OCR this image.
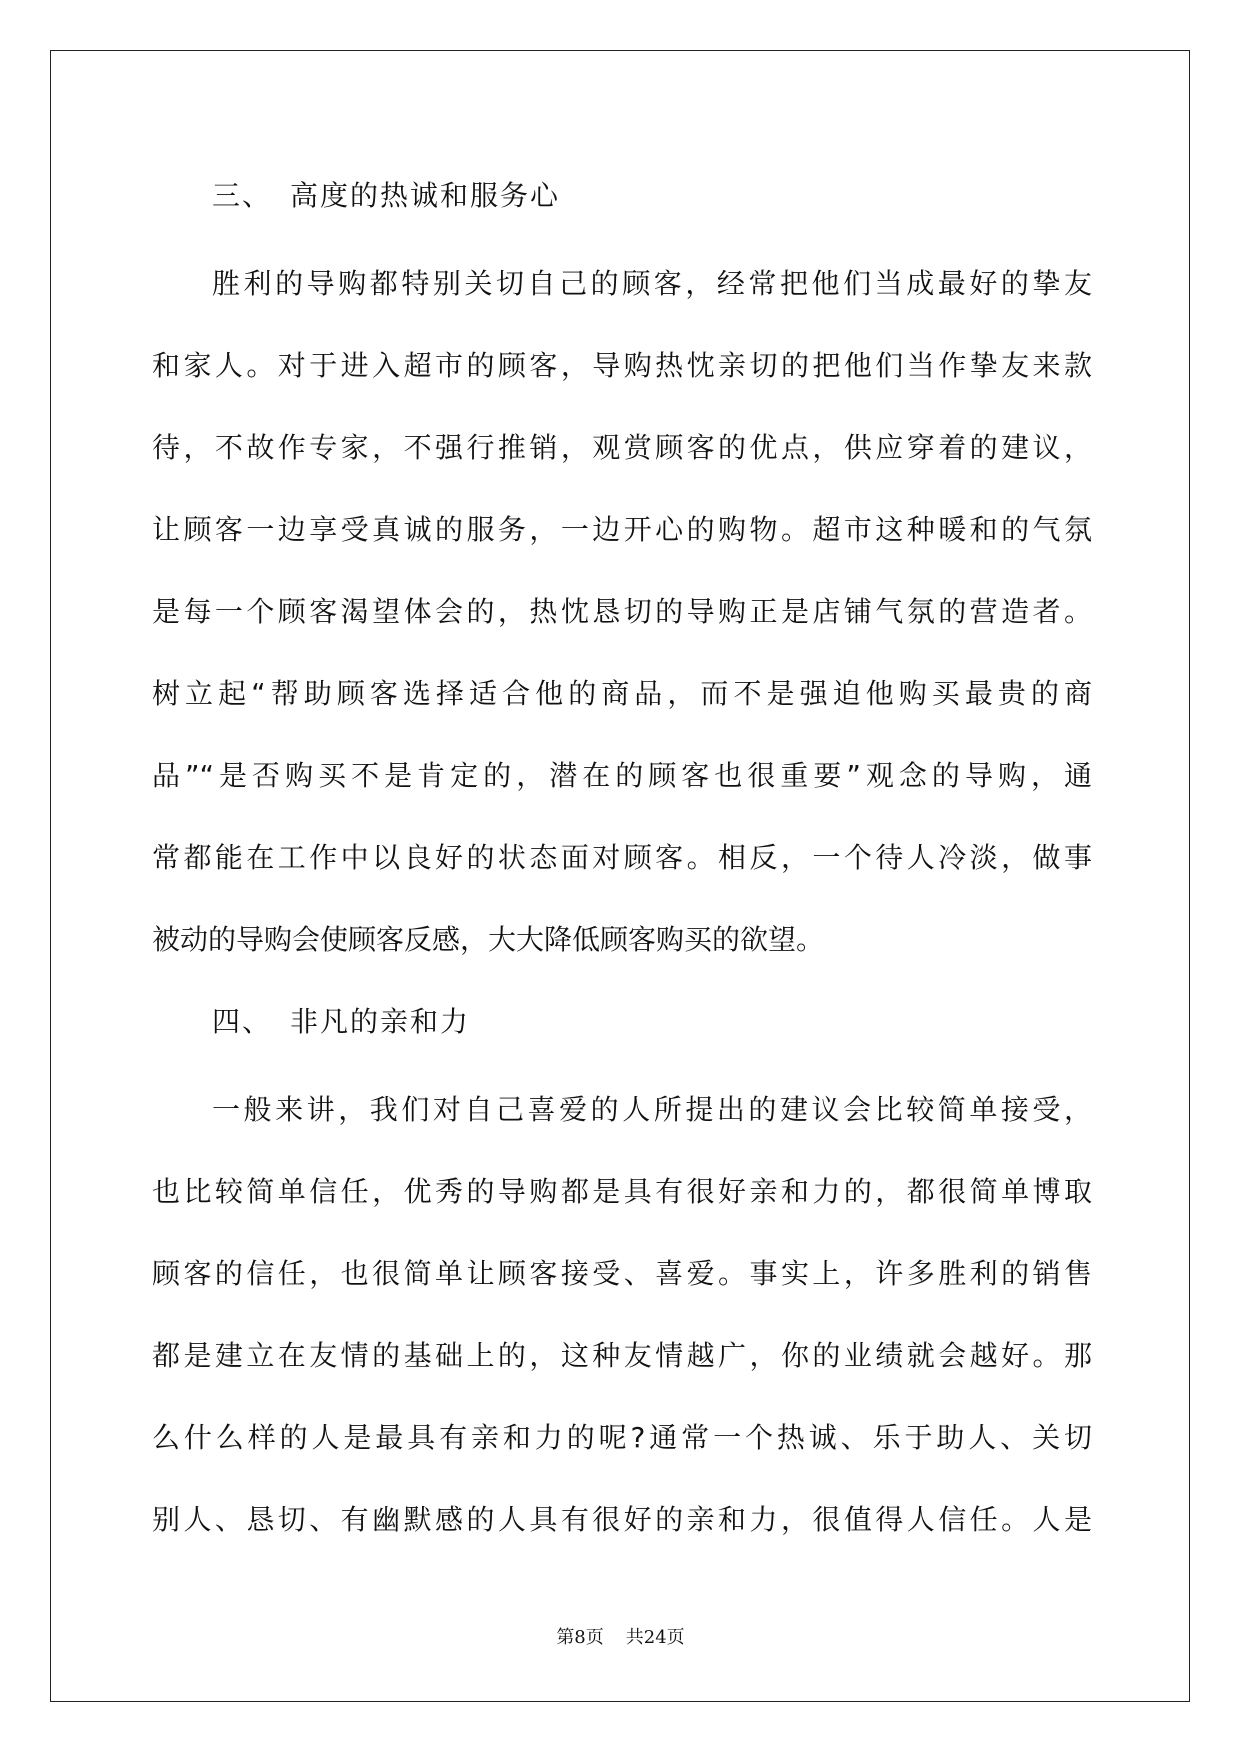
三、 高度的热诚和服务心
胜利的导购都特别关切自己的顾客，经常把他们当成最好的挚友
和家人。对于进入超市的顾客，导购热忱亲切的把他们当作挚友来款
待，不故作专家，不强行推销，观赏顾客的优点，供应穿着的建议，
让顾客一边享受真诚的服务，一边开心的购物。超市这种暖和的气氛
是每一个顾客渴望体会的，热忱恳切的导购正是店铺气氛的营造者。
树立起“帮助顾客选择适合他的商品，而不是强迫他购买最贵的商
品”“是否购买不是肯定的，潜在的顾客也很重要”观念的导购，通
常都能在工作中以良好的状态面对顾客。相反，一个待人冷淡，做事
被动的导购会使顾客反感，大大降低顾客购买的欲望。
四、 非凡的亲和力
一般来讲，我们对自己喜爱的人所提出的建议会比较简单接受，
也比较简单信任，优秀的导购都是具有很好亲和力的，都很简单博取
顾客的信任，也很简单让顾客接受、喜爱。事实上，许多胜利的销售
都是建立在友情的基础上的，这种友情越广，你的业绩就会越好。那
么什么样的人是最具有亲和力的呢?通常一个热诚、乐于助人、关切
别人、恳切、有幽默感的人具有很好的亲和力，很值得人信任。人是
第8页 共24页
